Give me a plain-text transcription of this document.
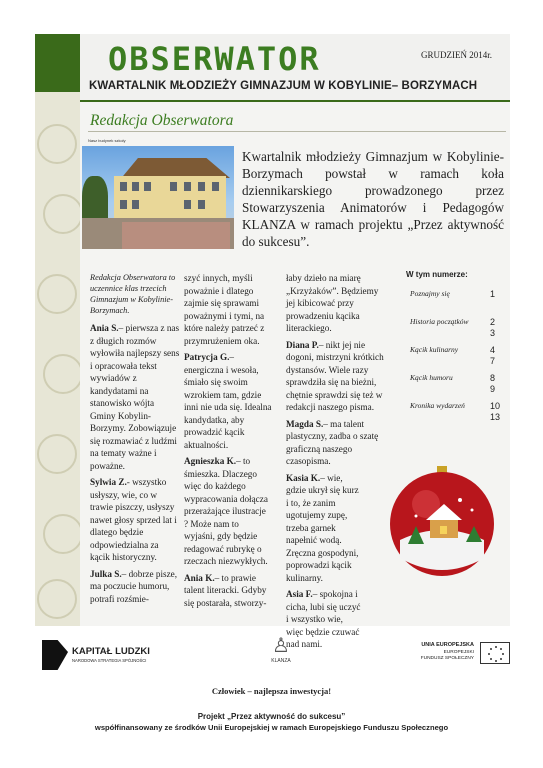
OBSERWATOR	GRUDZIEŃ 2014r.
KWARTALNIK MŁODZIEŻY GIMNAZJUM W KOBYLINIE– BORZYMACH
Redakcja Obserwatora
Nasz budynek szkoły
Kwartalnik młodzieży Gimnazjum w Kobylinie-Borzymach powstał w ramach koła dziennikarskiego prowadzonego przez Stowarzyszenia Animatorów i Pedagogów KLANZA w ramach projektu „Przez aktywność do sukcesu”.

Redakcja Obserwatora to uczennice klas trzecich Gimnazjum w Kobylinie-Borzymach.

Ania S.– pierwsza z nas z długich rozmów wyłowiła najlepszy sens i opracowała tekst wywiadów z kandydatami na stanowisko wójta Gminy Kobylin-Borzymy. Zobowiązuje się rozmawiać z ludźmi na tematy ważne i poważne.

Sylwia Z.- wszystko usłyszy, wie, co w trawie piszczy, usłyszy nawet głosy sprzed lat i dlatego będzie odpowiedzialna za kącik historyczny.

Julka S.– dobrze pisze, ma poczucie humoru, potrafi rozśmie-

szyć innych, myśli poważnie i dlatego zajmie się sprawami poważnymi i tymi, na które należy patrzeć z przymrużeniem oka.

Patrycja G.– energiczna i wesoła, śmiało się swoim wzrokiem tam, gdzie inni nie uda się. Idealna kandydatka, aby prowadzić kącik aktualności.

Agnieszka K.– to śmieszka. Dlaczego więc do każdego wypracowania dołącza przerażające ilustracje ? Może nam to wyjaśni, gdy będzie redagować rubrykę o rzeczach niezwykłych.

Ania K.– to prawie talent literacki. Gdyby się postarała, stworzy-

łaby dzieło na miarę „Krzyżaków”. Będziemy jej kibicować przy prowadzeniu kącika literackiego.

Diana P.– nikt jej nie dogoni, mistrzyni krótkich dystansów. Wiele razy sprawdziła się na bieżni, chętnie sprawdzi się też w redakcji naszego pisma.

Magda S.– ma talent plastyczny, zadba o szatę graficzną naszego czasopisma.

Kasia K.– wie, gdzie ukrył się kurz i to, że zanim ugotujemy zupę, trzeba garnek napełnić wodą. Zręczna gospodyni, poprowadzi kącik kulinarny.

Asia F.– spokojna i cicha, lubi się uczyć i wszystko wie, więc będzie czuwać nad nami.

W tym numerze:
Poznajmy się	1
Historia początków 2
3
Kącik kulinarny	4
7
Kącik humoru	8
9
Kronika wydarzeń	10
13
KAPITAŁ LUDZKI
NARODOWA STRATEGIA SPÓJNOŚCI
♙
KLANZA
UNIA EUROPEJSKA
EUROPEJSKI
FUNDUSZ SPOŁECZNY
Człowiek – najlepsza inwestycja!
Projekt „Przez aktywność do sukcesu”
współfinansowany ze środków Unii Europejskiej w ramach Europejskiego Funduszu Społecznego
